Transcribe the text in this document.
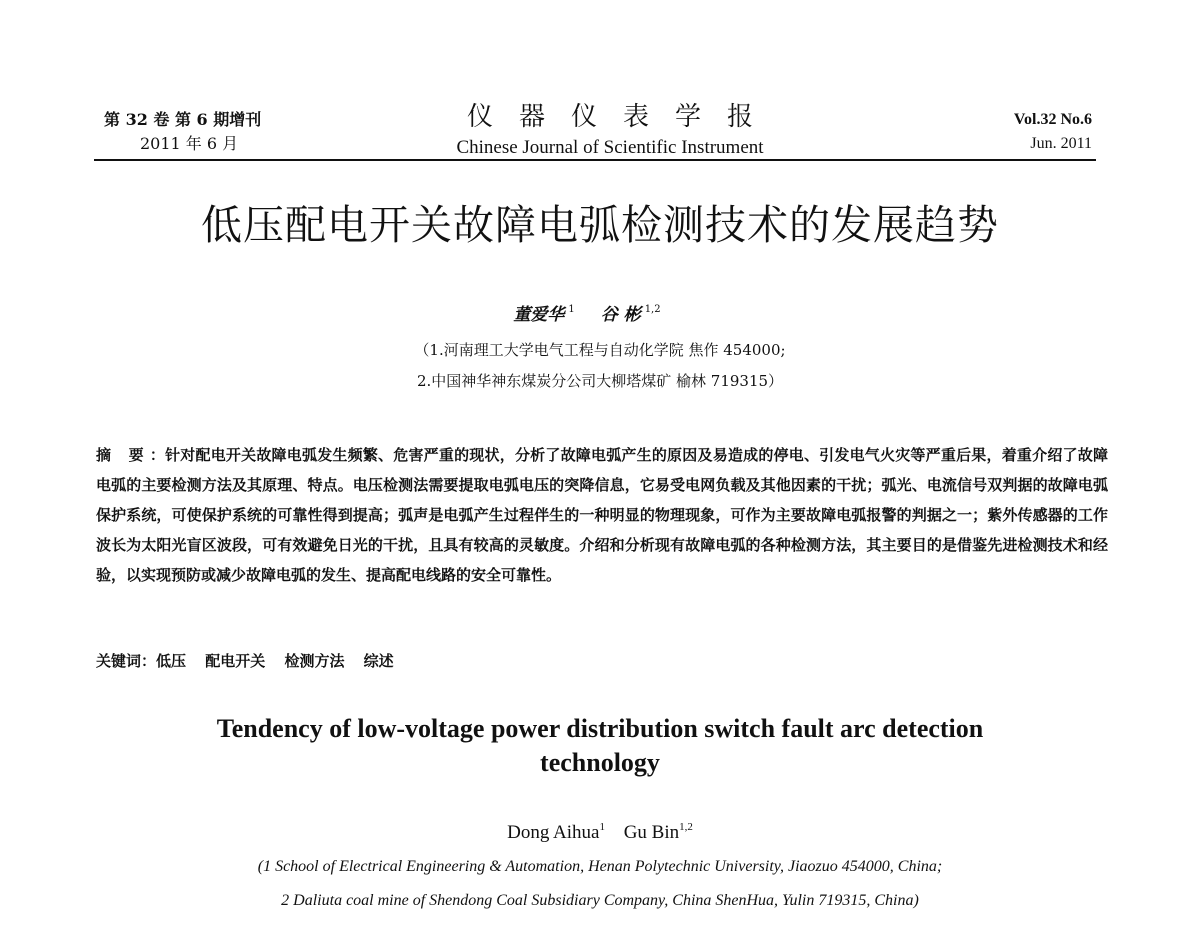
第 32 卷 第 6 期增刊
2011 年 6 月
仪器仪表学报
Chinese Journal of Scientific Instrument
Vol.32 No.6
Jun. 2011
低压配电开关故障电弧检测技术的发展趋势
董爱华 $^1$ 谷 彬 $^{1,2}$
（1.河南理工大学电气工程与自动化学院 焦作 454000;
2.中国神华神东煤炭分公司大柳塔煤矿 榆林 719315）
摘 要：针对配电开关故障电弧发生频繁、危害严重的现状，分析了故障电弧产生的原因及易造成的停电、引发电气火灾等严重后果，着重介绍了故障电弧的主要检测方法及其原理、特点。电压检测法需要提取电弧电压的突降信息，它易受电网负载及其他因素的干扰；弧光、电流信号双判据的故障电弧保护系统，可使保护系统的可靠性得到提高；弧声是电弧产生过程伴生的一种明显的物理现象，可作为主要故障电弧报警的判据之一；紫外传感器的工作波长为太阳光盲区波段，可有效避免日光的干扰，且具有较高的灵敏度。介绍和分析现有故障电弧的各种检测方法，其主要目的是借鉴先进检测技术和经验，以实现预防或减少故障电弧的发生、提高配电线路的安全可靠性。
关键词：低压 配电开关 检测方法 综述
Tendency of low-voltage power distribution switch fault arc detection
technology
Dong Aihua$^1$ Gu Bin$^{1,2}$
(1 School of Electrical Engineering & Automation, Henan Polytechnic University, Jiaozuo 454000, China;
2 Daliuta coal mine of Shendong Coal Subsidiary Company, China ShenHua, Yulin 719315, China)
